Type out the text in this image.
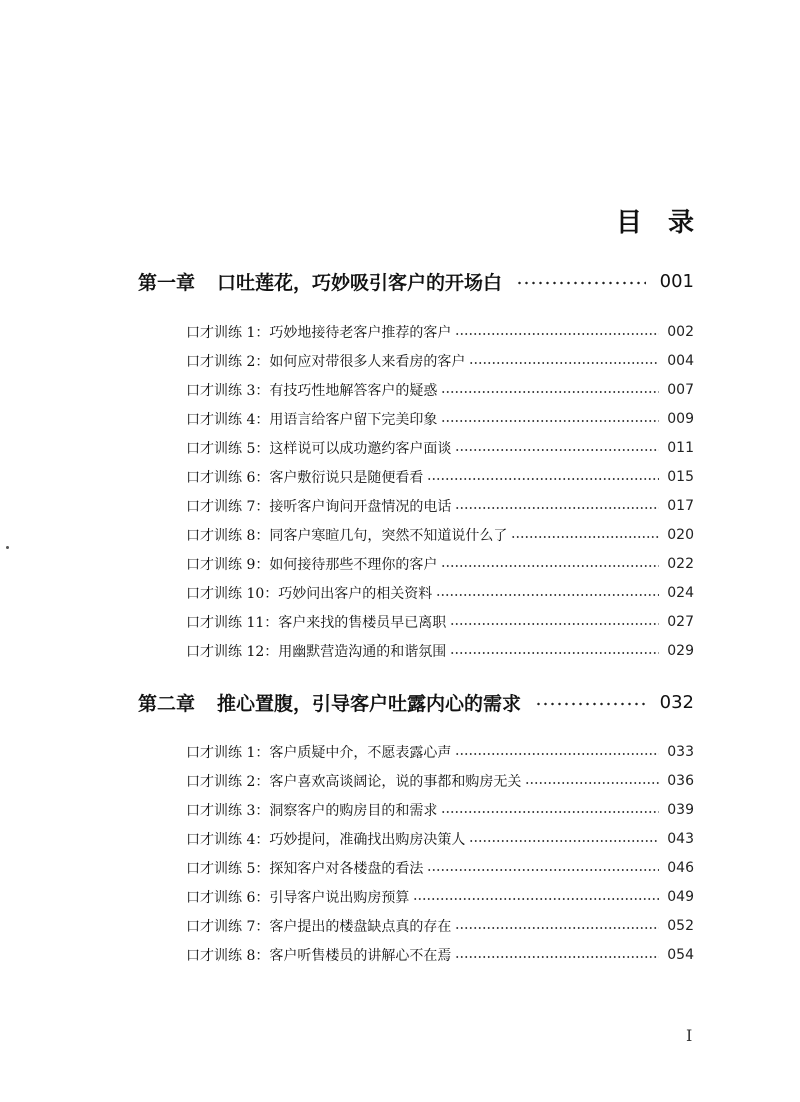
目　录
第一章 口吐莲花，巧妙吸引客户的开场白	001
口才训练 1：巧妙地接待老客户推荐的客户	002
口才训练 2：如何应对带很多人来看房的客户	004
口才训练 3：有技巧性地解答客户的疑惑	007
口才训练 4：用语言给客户留下完美印象	009
口才训练 5：这样说可以成功邀约客户面谈	011
口才训练 6：客户敷衍说只是随便看看	015
口才训练 7：接听客户询问开盘情况的电话	017
口才训练 8：同客户寒暄几句，突然不知道说什么了	020
口才训练 9：如何接待那些不理你的客户	022
口才训练 10：巧妙问出客户的相关资料	024
口才训练 11：客户来找的售楼员早已离职	027
口才训练 12：用幽默营造沟通的和谐氛围	029
第二章 推心置腹，引导客户吐露内心的需求	032
口才训练 1：客户质疑中介，不愿表露心声	033
口才训练 2：客户喜欢高谈阔论，说的事都和购房无关	036
口才训练 3：洞察客户的购房目的和需求	039
口才训练 4：巧妙提问，准确找出购房决策人	043
口才训练 5：探知客户对各楼盘的看法	046
口才训练 6：引导客户说出购房预算	049
口才训练 7：客户提出的楼盘缺点真的存在	052
口才训练 8：客户听售楼员的讲解心不在焉	054
I
